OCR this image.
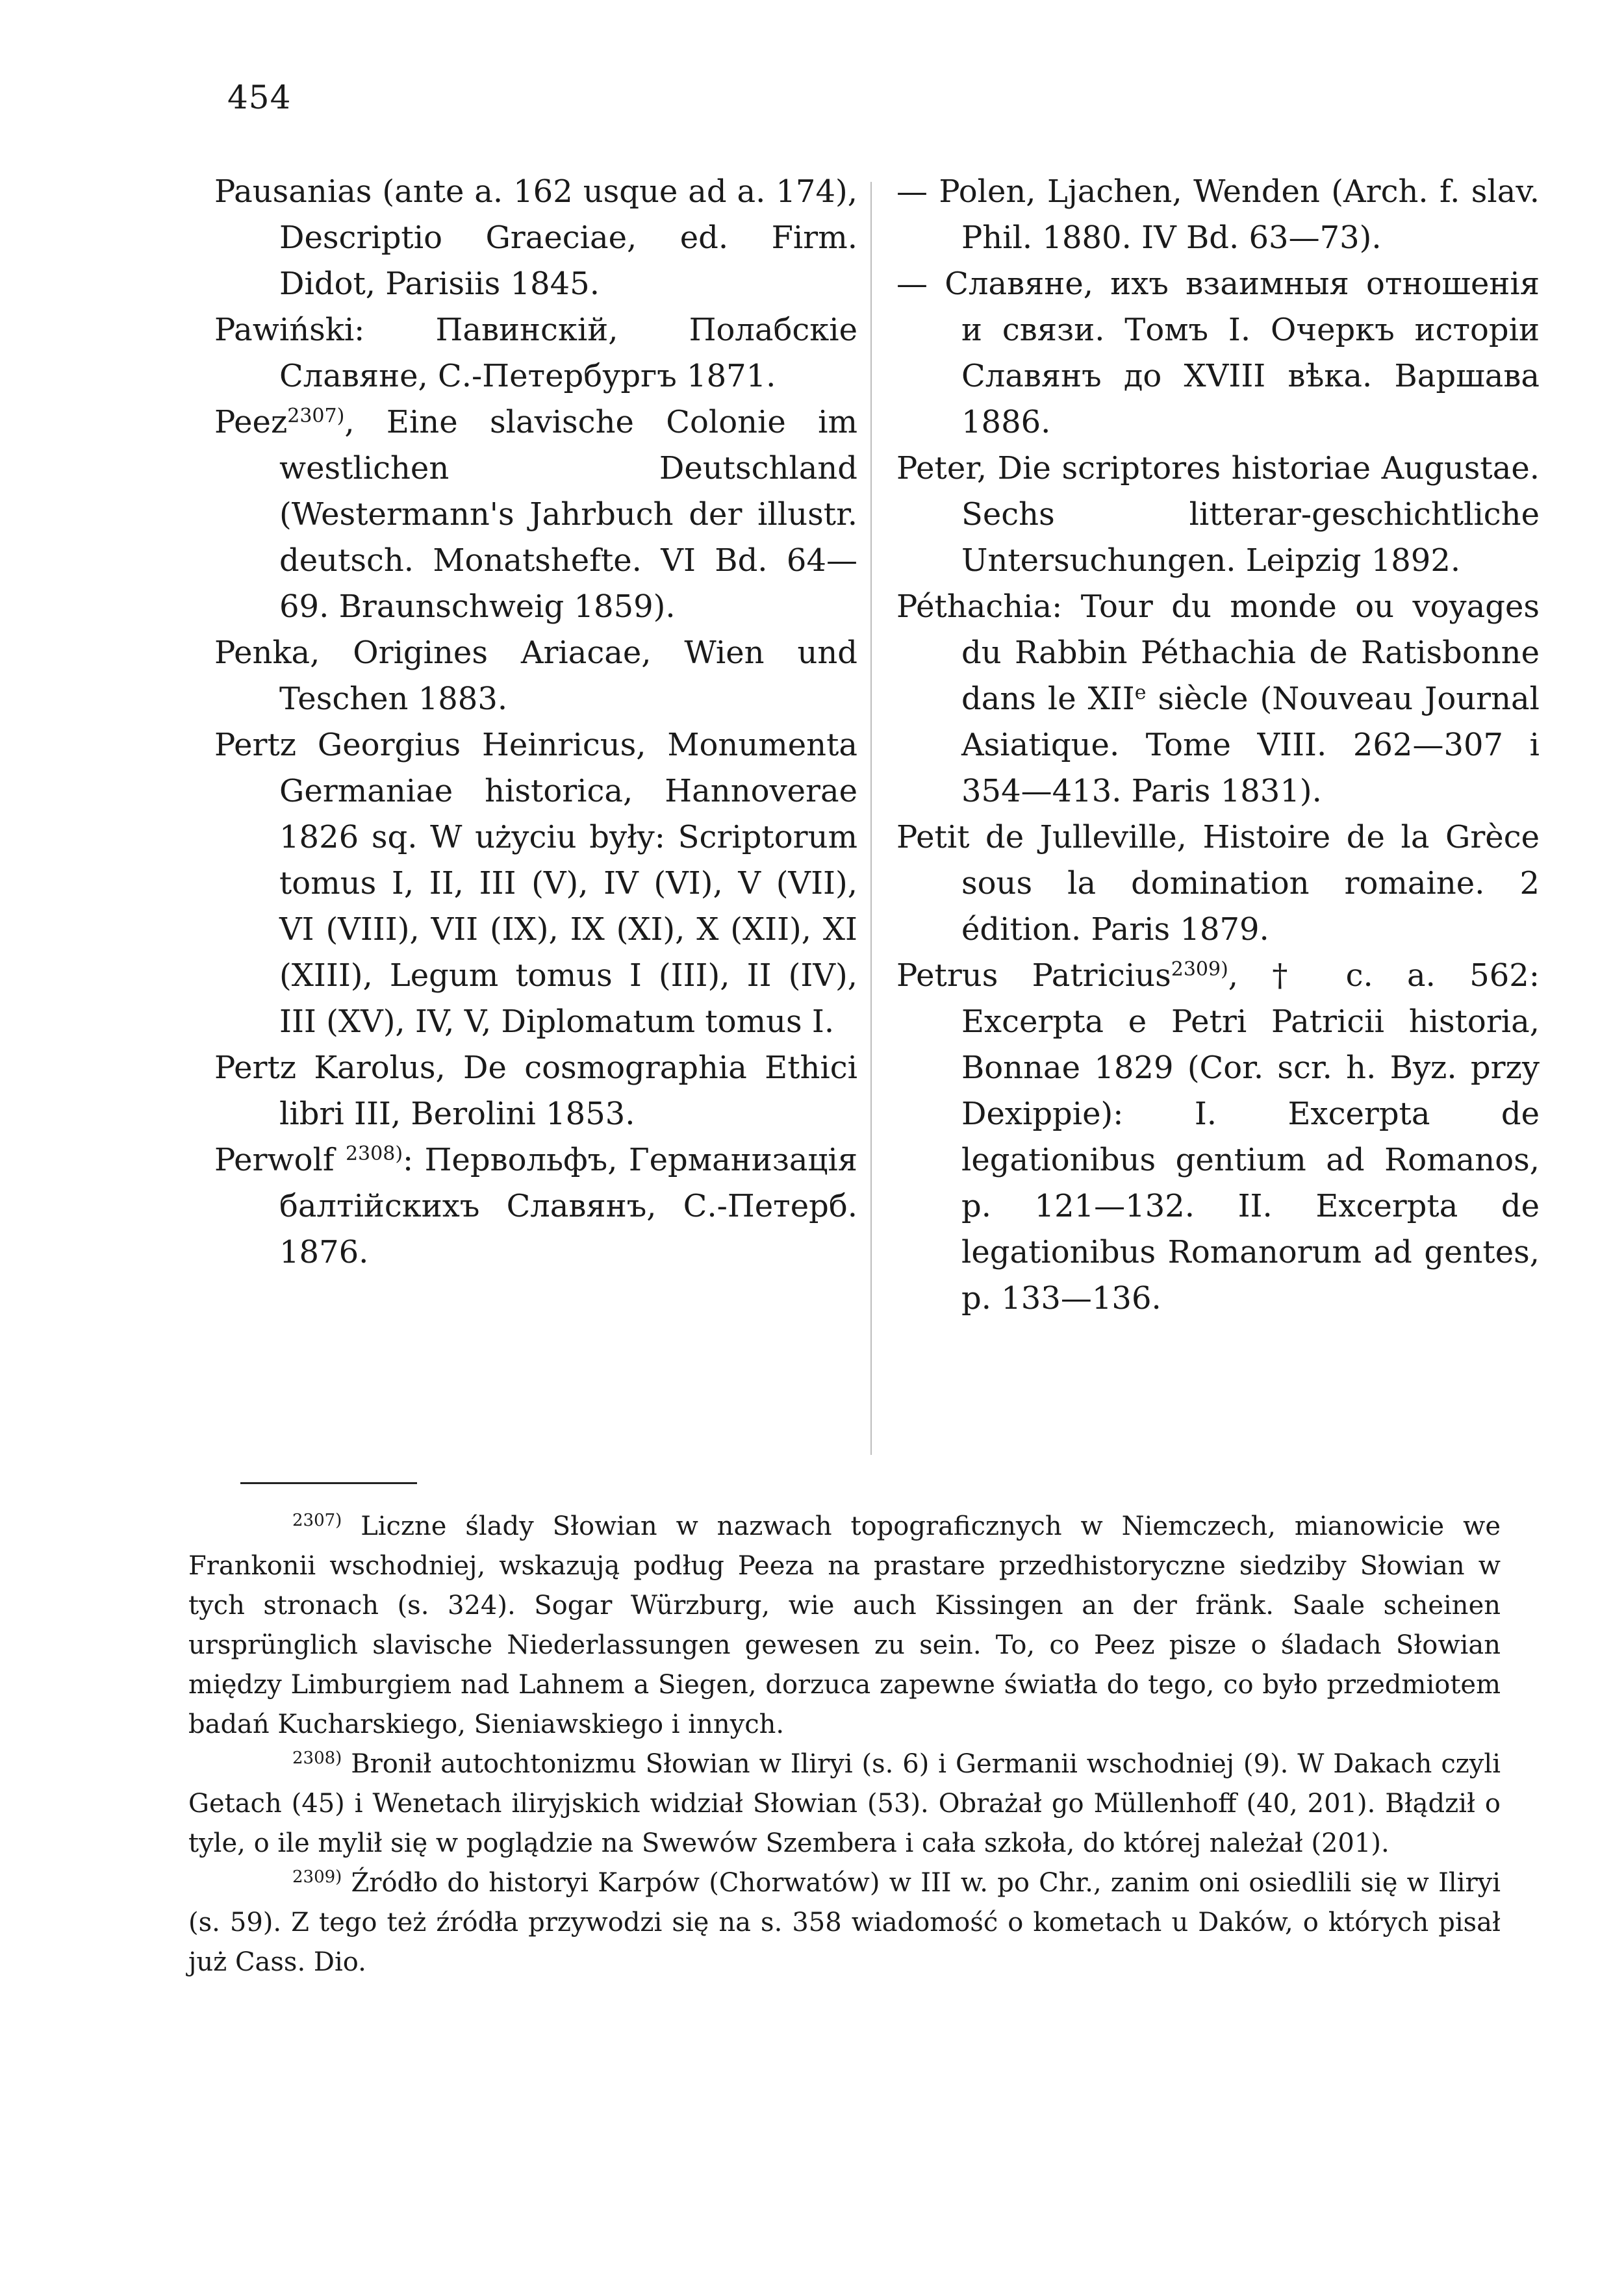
454

Pausanias (ante a. 162 usque ad a. 174), Descriptio Graeciae, ed. Firm. Didot, Parisiis 1845.

Pawiński: Павинскій, Полабскіе Славяне, С.-Петербургъ 1871.

Peez$^{2307)}$, Eine slavische Colonie im westlichen Deutschland (Westermann's Jahrbuch der illustr. deutsch. Monatshefte. VI Bd. 64—69. Braunschweig 1859).

Penka, Origines Ariacae, Wien und Teschen 1883.

Pertz Georgius Heinricus, Monumenta Germaniae historica, Hannoverae 1826 sq. W użyciu były: Scriptorum tomus I, II, III (V), IV (VI), V (VII), VI (VIII), VII (IX), IX (XI), X (XII), XI (XIII), Legum tomus I (III), II (IV), III (XV), IV, V, Diplomatum tomus I.

Pertz Karolus, De cosmographia Ethici libri III, Berolini 1853.

Perwolf $^{2308)}$: Первольфъ, Германизація балтійскихъ Славянъ, С.-Петерб. 1876.

— Polen, Ljachen, Wenden (Arch. f. slav. Phil. 1880. IV Bd. 63—73).

— Славяне, ихъ взаимныя отношенія и связи. Томъ I. Очеркъ исторіи Славянъ до XVIII вѣка. Варшава 1886.

Peter, Die scriptores historiae Augustae. Sechs litterar-geschichtliche Untersuchungen. Leipzig 1892.

Péthachia: Tour du monde ou voyages du Rabbin Péthachia de Ratisbonne dans le XIIe siècle (Nouveau Journal Asiatique. Tome VIII. 262—307 i 354—413. Paris 1831).

Petit de Julleville, Histoire de la Grèce sous la domination romaine. 2 édition. Paris 1879.

Petrus Patricius$^{2309)}$, † c. a. 562: Excerpta e Petri Patricii historia, Bonnae 1829 (Cor. scr. h. Byz. przy Dexippie): I. Excerpta de legationibus gentium ad Romanos, p. 121—132. II. Excerpta de legationibus Romanorum ad gentes, p. 133—136.

$^{2307)}$ Liczne ślady Słowian w nazwach topograficznych w Niemczech, mianowicie we Frankonii wschodniej, wskazują podług Peeza na prastare przedhistoryczne siedziby Słowian w tych stronach (s. 324). Sogar Würzburg, wie auch Kissingen an der fränk. Saale scheinen ursprünglich slavische Niederlassungen gewesen zu sein. To, co Peez pisze o śladach Słowian między Limburgiem nad Lahnem a Siegen, dorzuca zapewne światła do tego, co było przedmiotem badań Kucharskiego, Sieniawskiego i innych.

$^{2308)}$ Bronił autochtonizmu Słowian w Iliryi (s. 6) i Germanii wschodniej (9). W Dakach czyli Getach (45) i Wenetach iliryjskich widział Słowian (53). Obrażał go Müllenhoff (40, 201). Błądził o tyle, o ile mylił się w poglądzie na Swewów Szembera i cała szkoła, do której należał (201).

$^{2309)}$ Źródło do historyi Karpów (Chorwatów) w III w. po Chr., zanim oni osiedlili się w Iliryi (s. 59). Z tego też źródła przywodzi się na s. 358 wiadomość o kometach u Daków, o których pisał już Cass. Dio.
